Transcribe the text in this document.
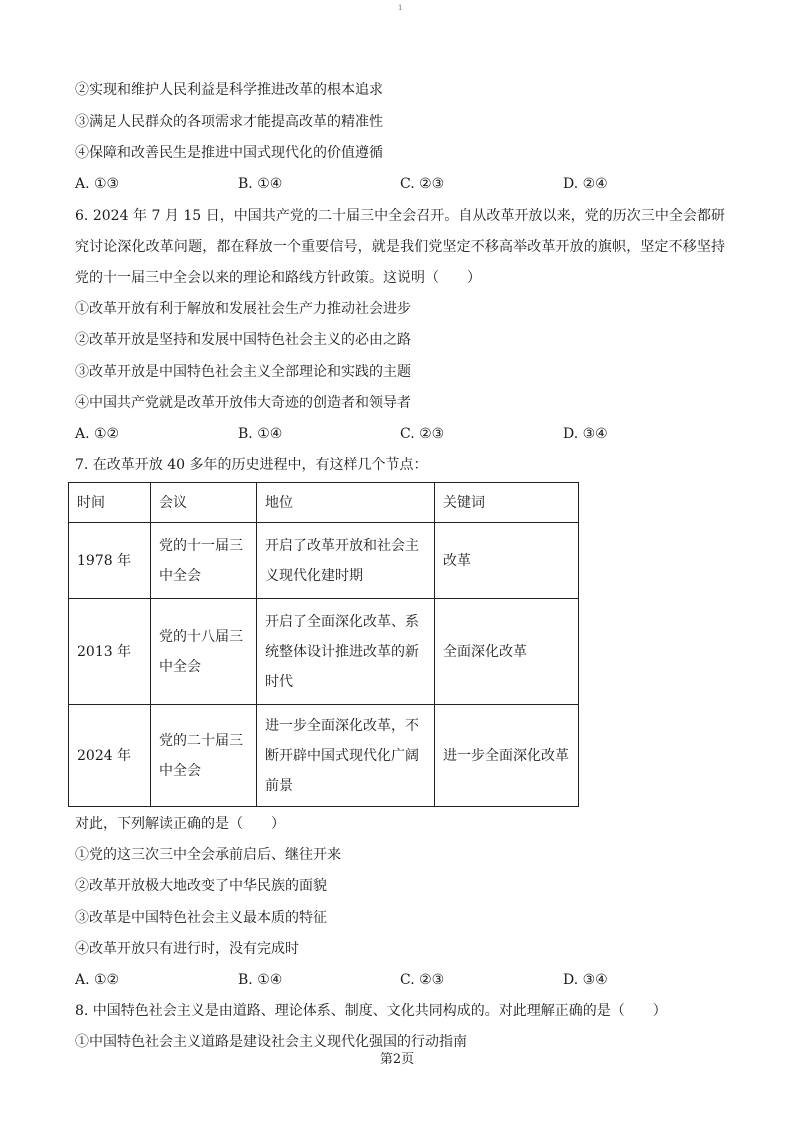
1
②实现和维护人民利益是科学推进改革的根本追求
③满足人民群众的各项需求才能提高改革的精准性
④保障和改善民生是推进中国式现代化的价值遵循
A. ①③	B. ①④	C. ②③	D. ②④
6. 2024 年 7 月 15 日，中国共产党的二十届三中全会召开。自从改革开放以来，党的历次三中全会都研究讨论深化改革问题，都在释放一个重要信号，就是我们党坚定不移高举改革开放的旗帜，坚定不移坚持党的十一届三中全会以来的理论和路线方针政策。这说明（　　）
①改革开放有利于解放和发展社会生产力推动社会进步
②改革开放是坚持和发展中国特色社会主义的必由之路
③改革开放是中国特色社会主义全部理论和实践的主题
④中国共产党就是改革开放伟大奇迹的创造者和领导者
A. ①②	B. ①④	C. ②③	D. ③④
7. 在改革开放 40 多年的历史进程中，有这样几个节点：
时间	会议	地位	关键词
1978 年	党的十一届三中全会	开启了改革开放和社会主义现代化建时期	改革
2013 年	党的十八届三中全会	开启了全面深化改革、系统整体设计推进改革的新时代	全面深化改革
2024 年	党的二十届三中全会	进一步全面深化改革，不断开辟中国式现代化广阔前景	进一步全面深化改革
对此，下列解读正确的是（　　）
①党的这三次三中全会承前启后、继往开来
②改革开放极大地改变了中华民族的面貌
③改革是中国特色社会主义最本质的特征
④改革开放只有进行时，没有完成时
A. ①②	B. ①④	C. ②③	D. ③④
8. 中国特色社会主义是由道路、理论体系、制度、文化共同构成的。对此理解正确的是（　　）
①中国特色社会主义道路是建设社会主义现代化强国的行动指南
第2页
